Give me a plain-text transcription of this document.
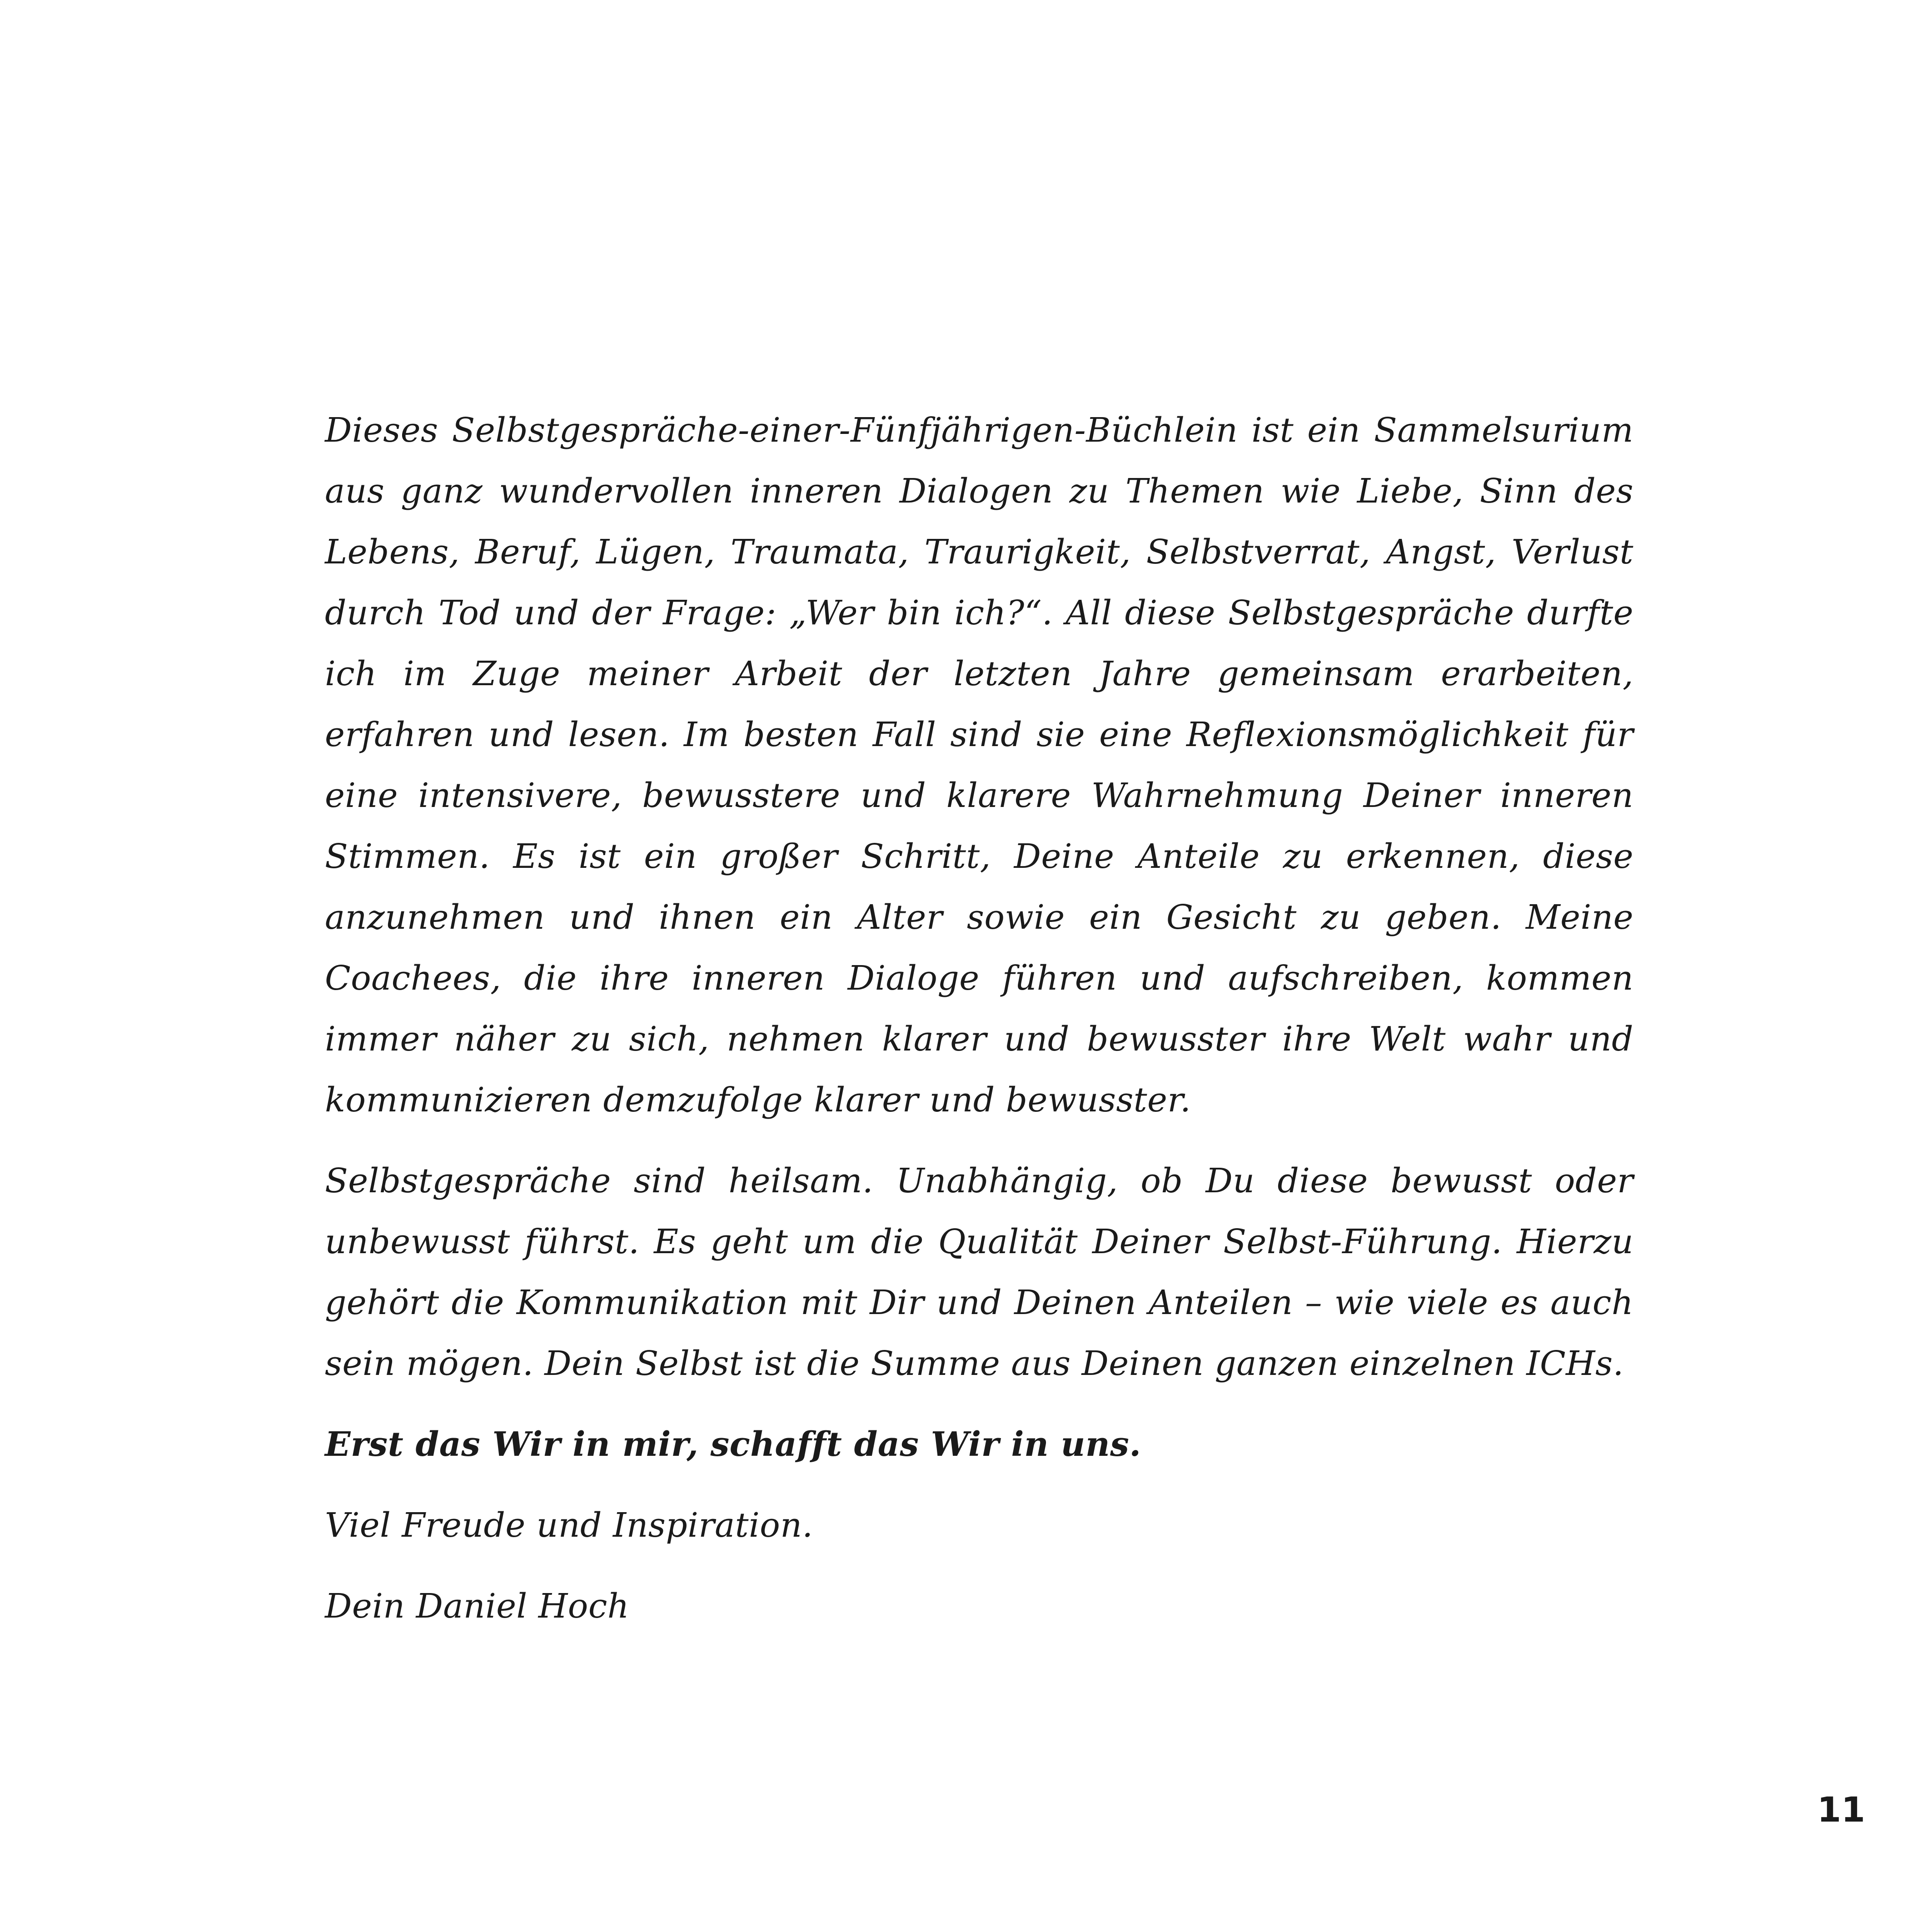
Dieses Selbstgespräche-einer-Fünfjährigen-Büchlein ist ein Sammelsurium aus ganz wundervollen inneren Dialogen zu Themen wie Liebe, Sinn des Lebens, Beruf, Lügen, Traumata, Traurigkeit, Selbstverrat, Angst, Verlust durch Tod und der Frage: „Wer bin ich?“. All diese Selbstgespräche durfte ich im Zuge meiner Arbeit der letzten Jahre gemeinsam erarbeiten, erfahren und lesen. Im besten Fall sind sie eine Reflexionsmöglichkeit für eine intensivere, bewusstere und klarere Wahrnehmung Deiner inneren Stimmen. Es ist ein großer Schritt, Deine Anteile zu erkennen, diese anzunehmen und ihnen ein Alter sowie ein Gesicht zu geben. Meine Coachees, die ihre inneren Dialoge führen und aufschreiben, kommen immer näher zu sich, nehmen klarer und bewusster ihre Welt wahr und kommunizieren demzufolge klarer und bewusster.

Selbstgespräche sind heilsam. Unabhängig, ob Du diese bewusst oder unbewusst führst. Es geht um die Qualität Deiner Selbst-Führung. Hierzu gehört die Kommunikation mit Dir und Deinen Anteilen – wie viele es auch sein mögen. Dein Selbst ist die Summe aus Deinen ganzen einzelnen ICHs.

Erst das Wir in mir, schafft das Wir in uns.

Viel Freude und Inspiration.

Dein Daniel Hoch

11
